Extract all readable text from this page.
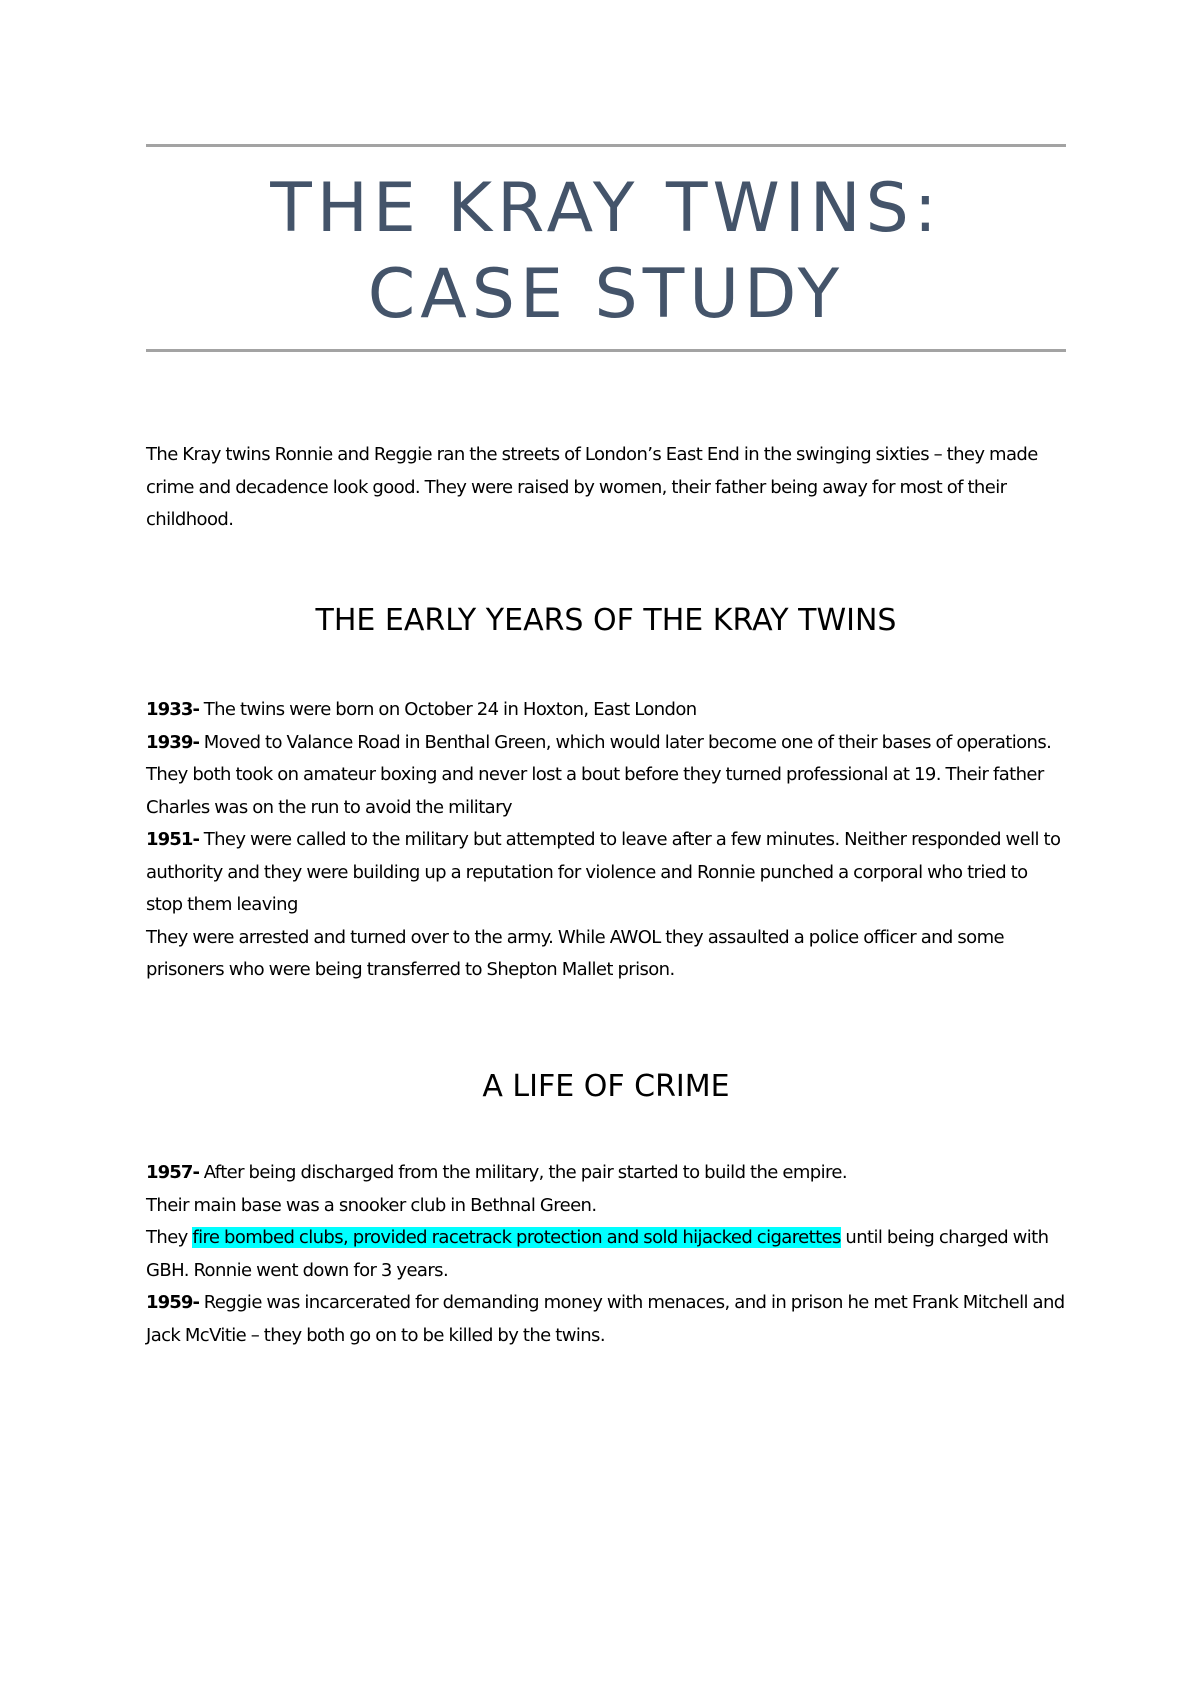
THE KRAY TWINS:
CASE STUDY

The Kray twins Ronnie and Reggie ran the streets of London’s East End in the swinging sixties – they made crime and decadence look good. They were raised by women, their father being away for most of their childhood.

THE EARLY YEARS OF THE KRAY TWINS

1933- The twins were born on October 24 in Hoxton, East London

1939- Moved to Valance Road in Benthal Green, which would later become one of their bases of operations. They both took on amateur boxing and never lost a bout before they turned professional at 19. Their father Charles was on the run to avoid the military

1951- They were called to the military but attempted to leave after a few minutes. Neither responded well to authority and they were building up a reputation for violence and Ronnie punched a corporal who tried to stop them leaving

They were arrested and turned over to the army. While AWOL they assaulted a police officer and some prisoners who were being transferred to Shepton Mallet prison.

A LIFE OF CRIME

1957- After being discharged from the military, the pair started to build the empire.

Their main base was a snooker club in Bethnal Green.

They fire bombed clubs, provided racetrack protection and sold hijacked cigarettes until being charged with GBH. Ronnie went down for 3 years.

1959- Reggie was incarcerated for demanding money with menaces, and in prison he met Frank Mitchell and Jack McVitie – they both go on to be killed by the twins.
